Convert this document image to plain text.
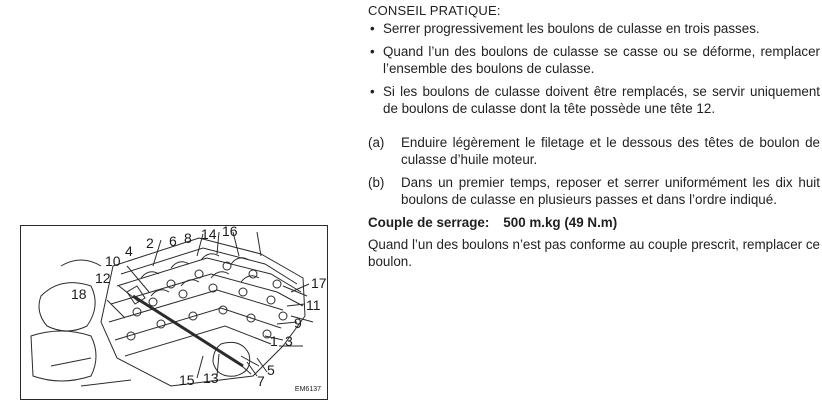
2 6 8 14 16
4
10
12
18
17
11
9
1 3
5
7
13
15
EM6137
CONSEIL PRATIQUE:
• Serrer progressivement les boulons de culasse en trois passes.
• Quand l’un des boulons de culasse se casse ou se déforme, remplacer l’ensemble des boulons de culasse.
• Si les boulons de culasse doivent être remplacés, se servir uniquement de boulons de culasse dont la tête possède une tête 12.
(a)	Enduire légèrement le filetage et le dessous des têtes de boulon de culasse d’huile moteur.
(b)	Dans un premier temps, reposer et serrer uniformément les dix huit boulons de culasse en plusieurs passes et dans l’ordre indiqué.
Couple de serrage: 500 m.kg (49 N.m)

Quand l’un des boulons n’est pas conforme au couple prescrit, remplacer ce boulon.
